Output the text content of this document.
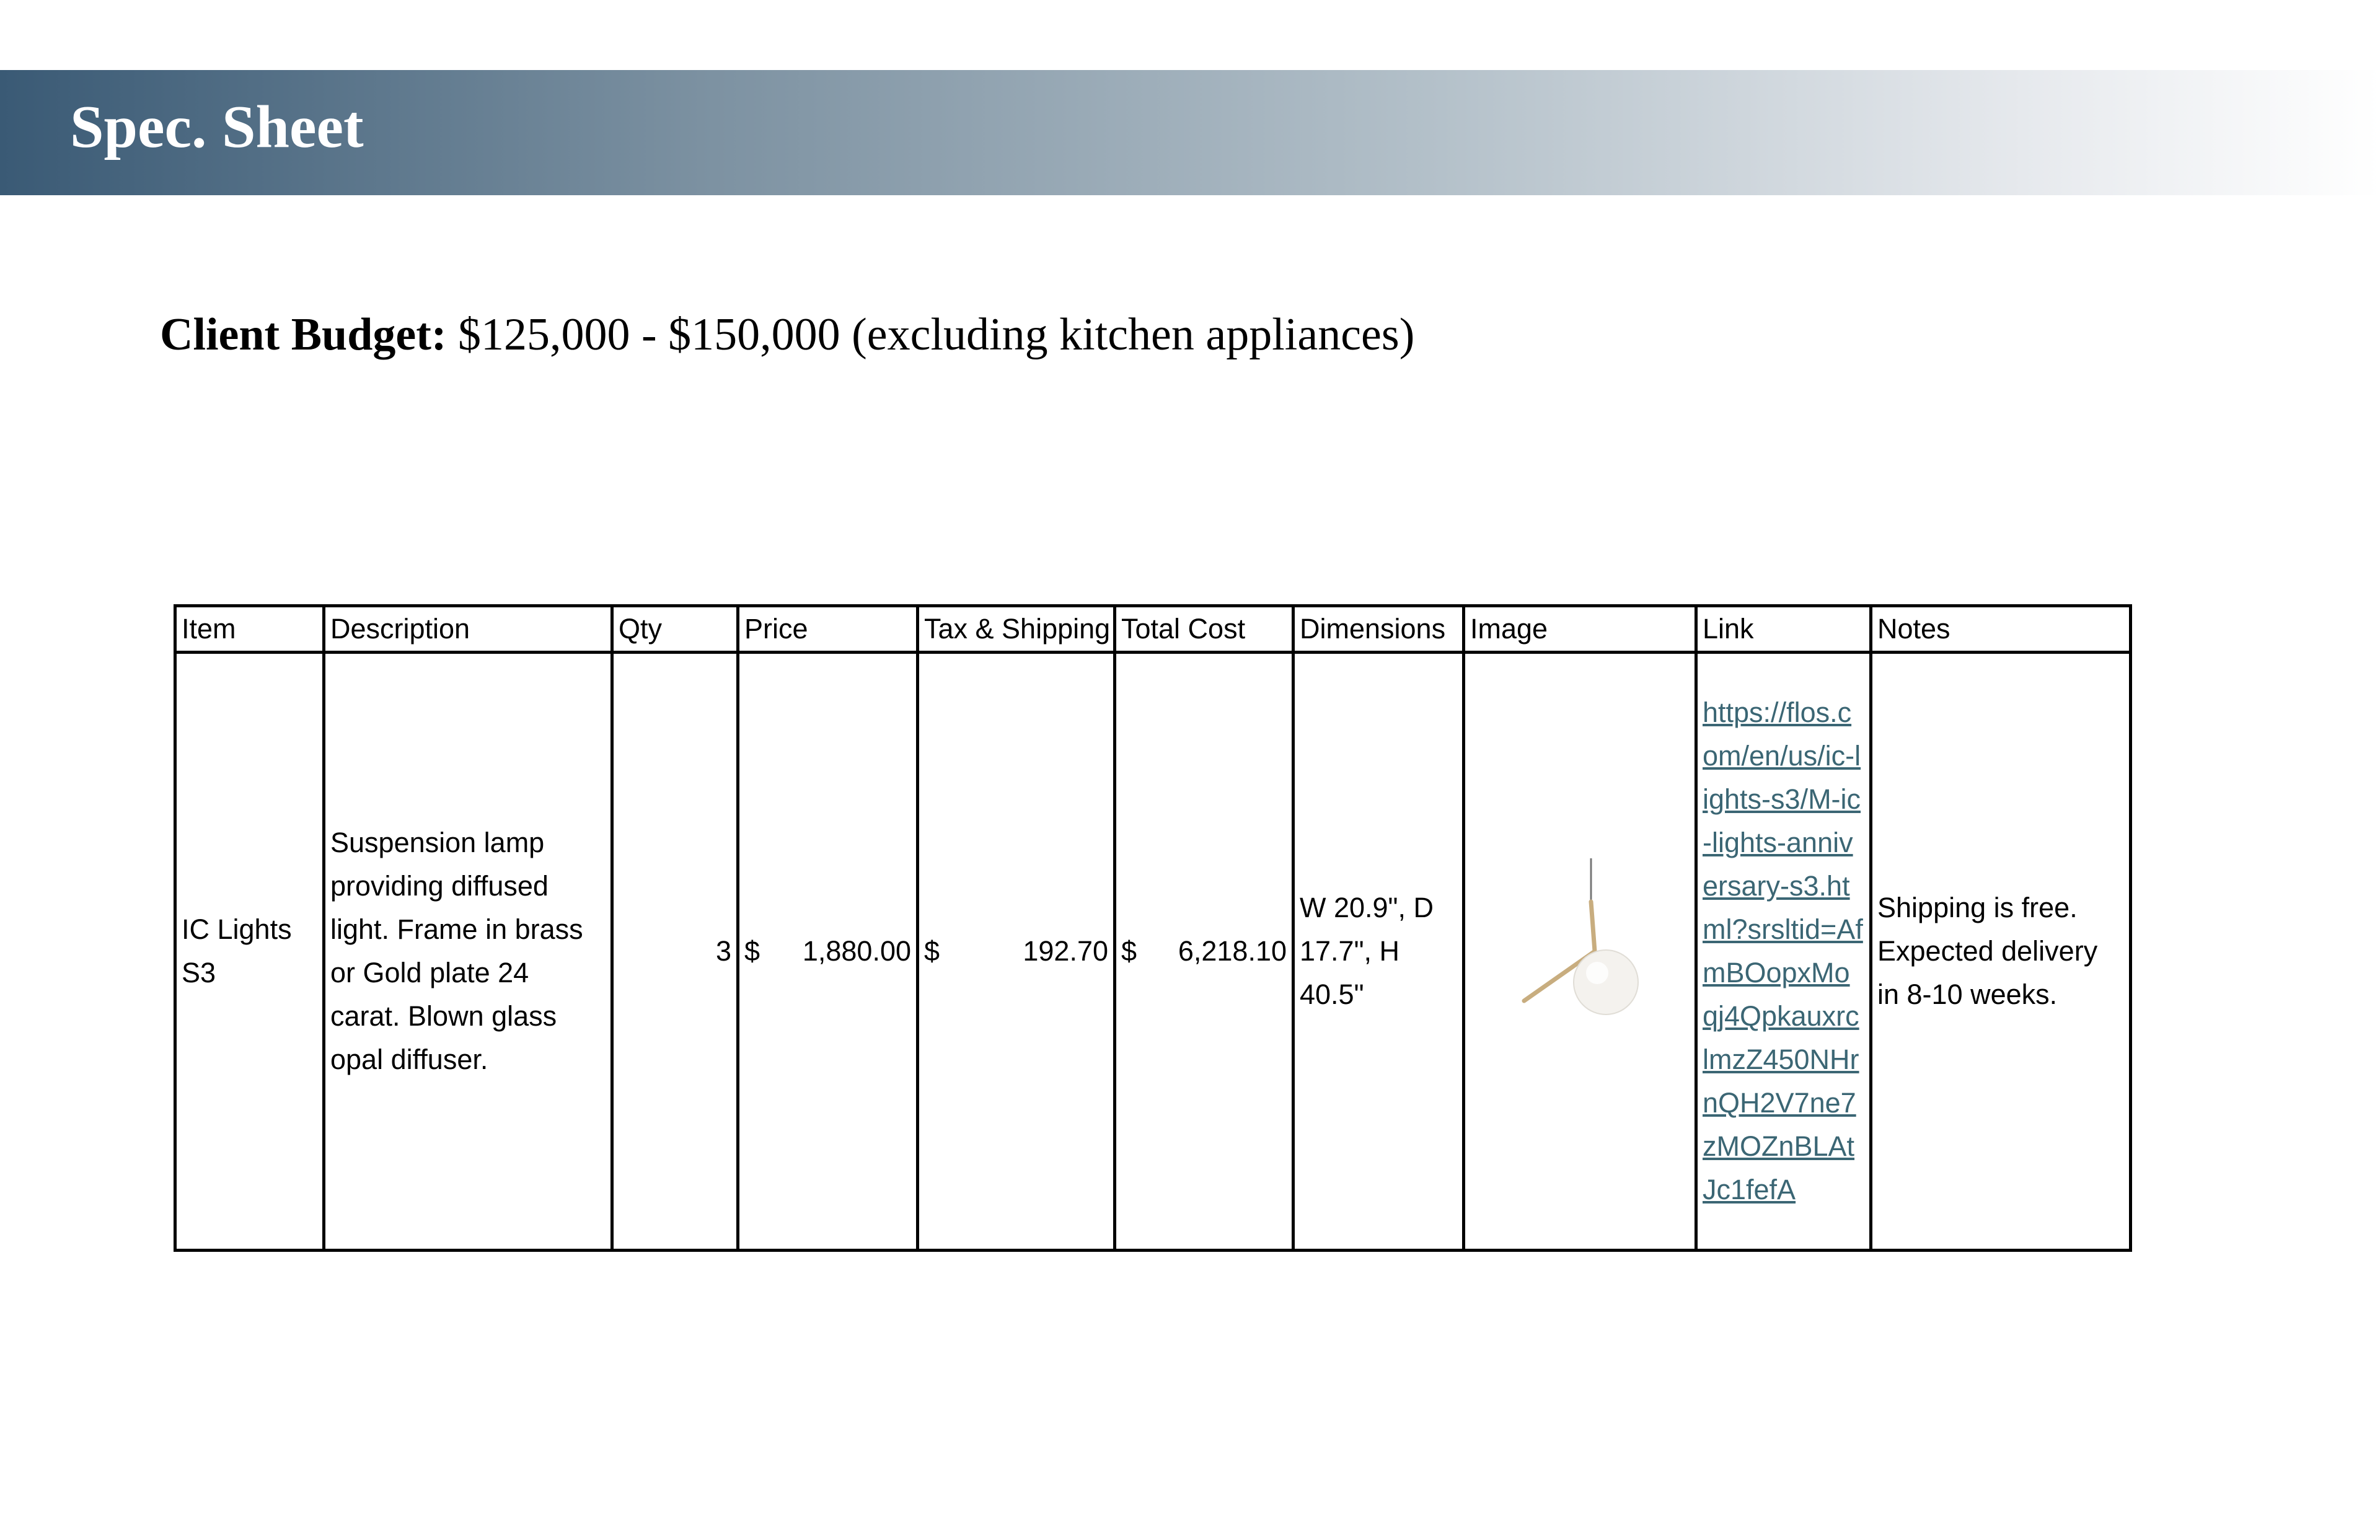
Spec. Sheet
Client Budget: $125,000 - $150,000 (excluding kitchen appliances)
Item	Description	Qty	Price	Tax & Shipping	Total Cost	Dimensions	Image	Link	Notes
IC Lights S3	Suspension lamp providing diffused light. Frame in brass or Gold plate 24 carat. Blown glass opal diffuser.	3	$ 1,880.00	$ 192.70	$ 6,218.10	W 20.9", D 17.7", H 40.5"		https://flos.com/en/us/ic-lights-s3/M-ic-lights-anniversary-s3.html?srsltid=AfmBOopxMoqj4QpkauxrclmzZ450NHrnQH2V7ne7zMOZnBLAtJc1fefA	Shipping is free. Expected delivery in 8-10 weeks.
